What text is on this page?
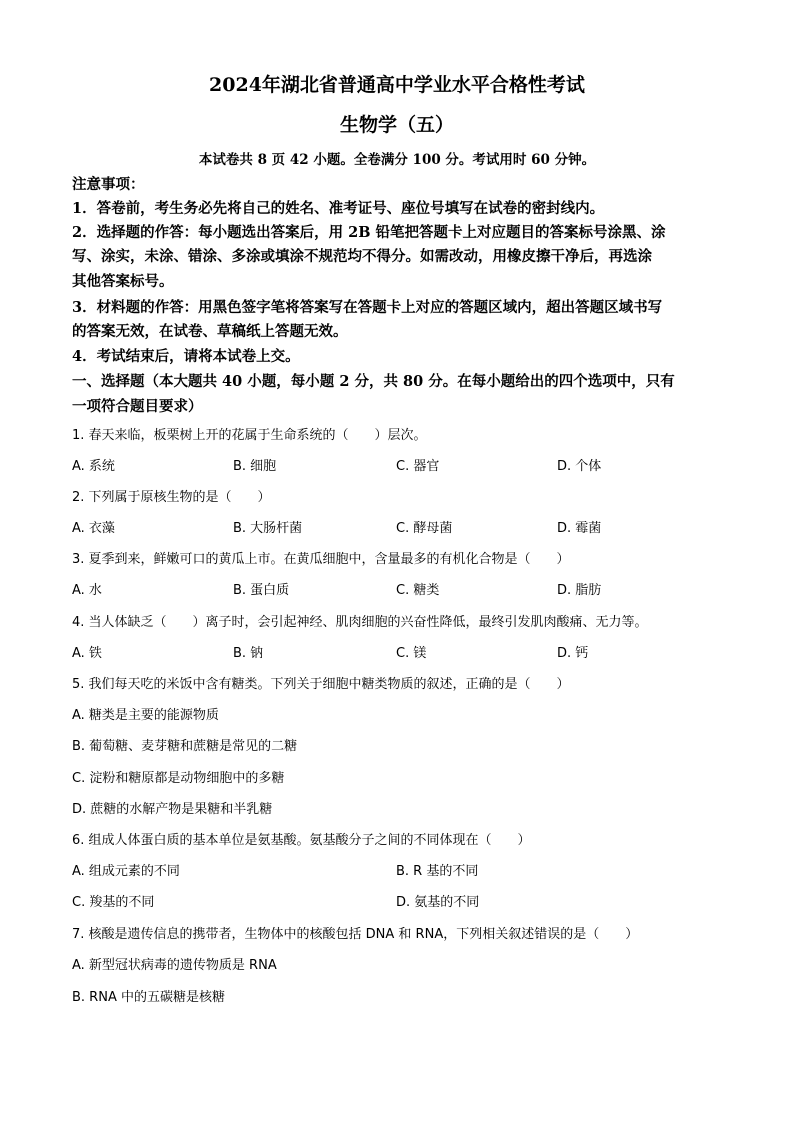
2024年湖北省普通高中学业水平合格性考试
生物学（五）
本试卷共 8 页 42 小题。全卷满分 100 分。考试用时 60 分钟。
注意事项：
1．答卷前，考生务必先将自己的姓名、准考证号、座位号填写在试卷的密封线内。
2．选择题的作答：每小题选出答案后，用 2B 铅笔把答题卡上对应题目的答案标号涂黑、涂
写、涂实，未涂、错涂、多涂或填涂不规范均不得分。如需改动，用橡皮擦干净后，再选涂
其他答案标号。
3．材料题的作答：用黑色签字笔将答案写在答题卡上对应的答题区域内，超出答题区域书写
的答案无效，在试卷、草稿纸上答题无效。
4．考试结束后，请将本试卷上交。
一、选择题（本大题共 40 小题，每小题 2 分，共 80 分。在每小题给出的四个选项中，只有
一项符合题目要求）
1. 春天来临，板栗树上开的花属于生命系统的（　　）层次。
A. 系统	B. 细胞	C. 器官	D. 个体
2. 下列属于原核生物的是（　　）
A. 衣藻	B. 大肠杆菌	C. 酵母菌	D. 霉菌
3. 夏季到来，鲜嫩可口的黄瓜上市。在黄瓜细胞中，含量最多的有机化合物是（　　）
A. 水	B. 蛋白质	C. 糖类	D. 脂肪
4. 当人体缺乏（　　）离子时，会引起神经、肌肉细胞的兴奋性降低，最终引发肌肉酸痛、无力等。
A. 铁	B. 钠	C. 镁	D. 钙
5. 我们每天吃的米饭中含有糖类。下列关于细胞中糖类物质的叙述，正确的是（　　）
A. 糖类是主要的能源物质
B. 葡萄糖、麦芽糖和蔗糖是常见的二糖
C. 淀粉和糖原都是动物细胞中的多糖
D. 蔗糖的水解产物是果糖和半乳糖
6. 组成人体蛋白质的基本单位是氨基酸。氨基酸分子之间的不同体现在（　　）
A. 组成元素的不同	B. R 基的不同
C. 羧基的不同	D. 氨基的不同
7. 核酸是遗传信息的携带者，生物体中的核酸包括 DNA 和 RNA，下列相关叙述错误的是（　　）
A. 新型冠状病毒的遗传物质是 RNA
B. RNA 中的五碳糖是核糖
